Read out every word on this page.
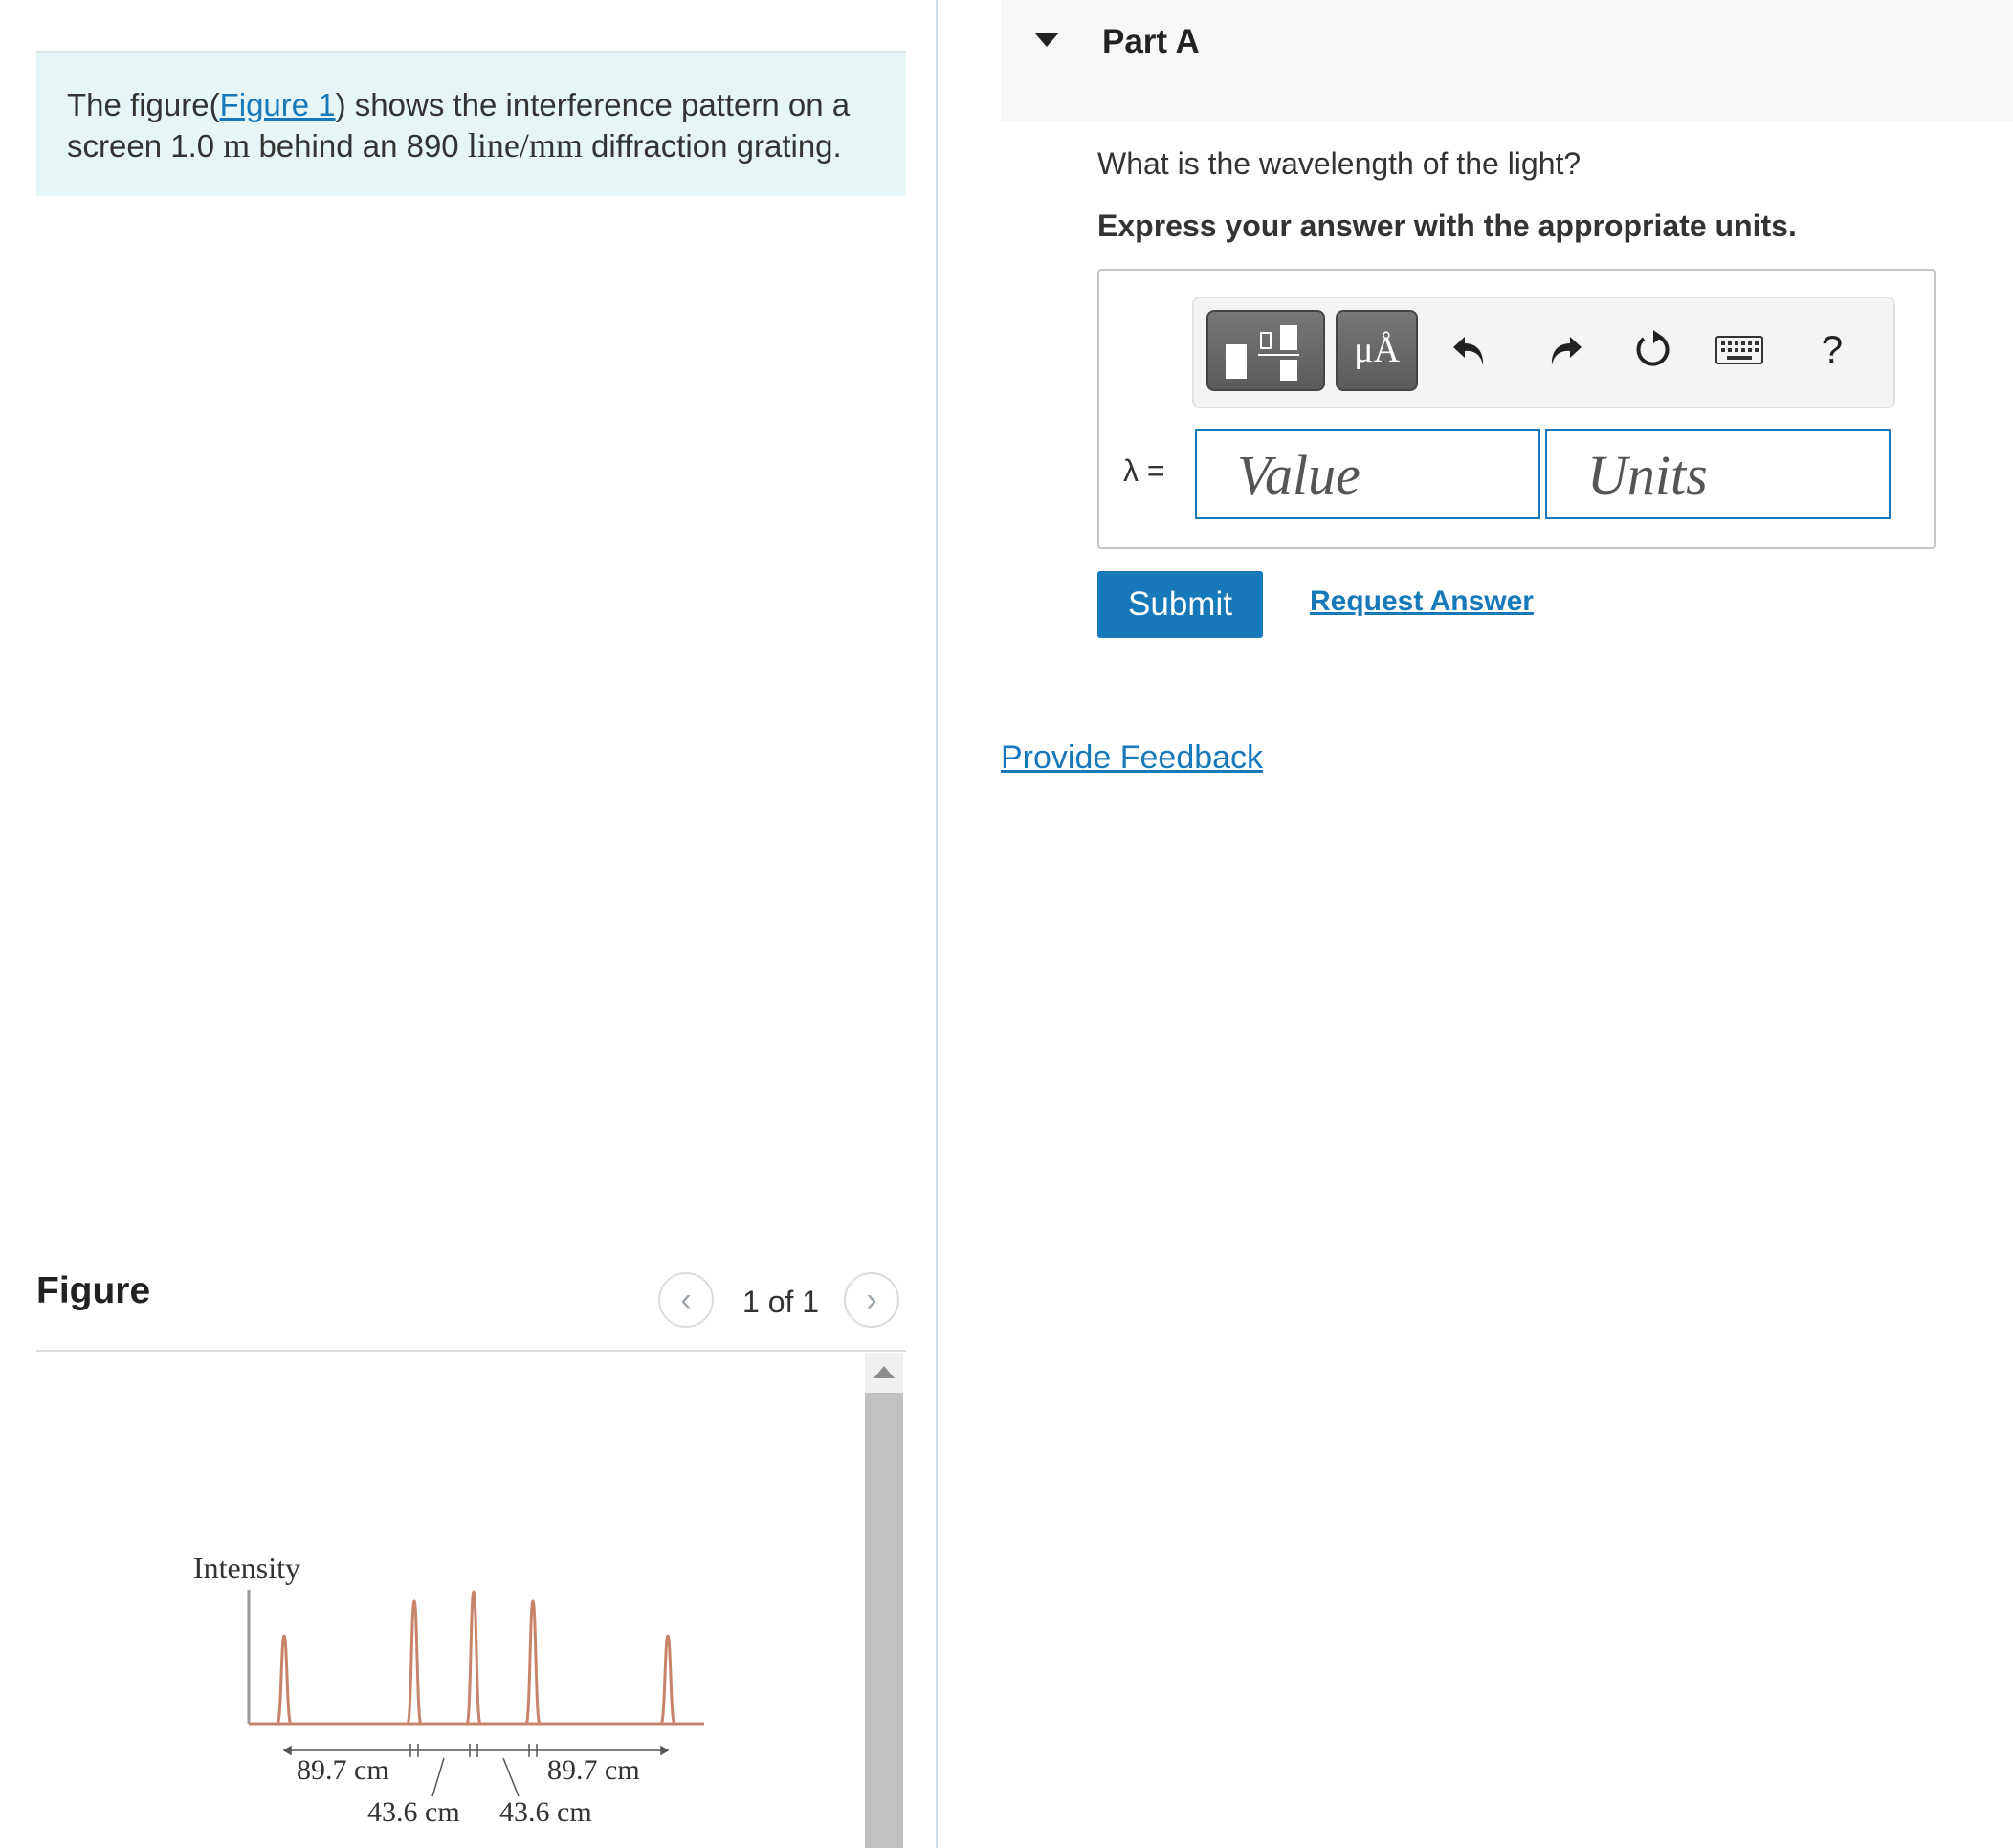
The figure(Figure 1) shows the interference pattern on a screen 1.0 m behind an 890 line/mm diffraction grating.
Figure	‹ 1 of 1 ›
Intensity
89.7 cm	89.7 cm
43.6 cm 43.6 cm
Part A
What is the wavelength of the light?
Express your answer with the appropriate units.
μÅ	?
λ =
Value
Units
Submit	Request Answer
Provide Feedback
